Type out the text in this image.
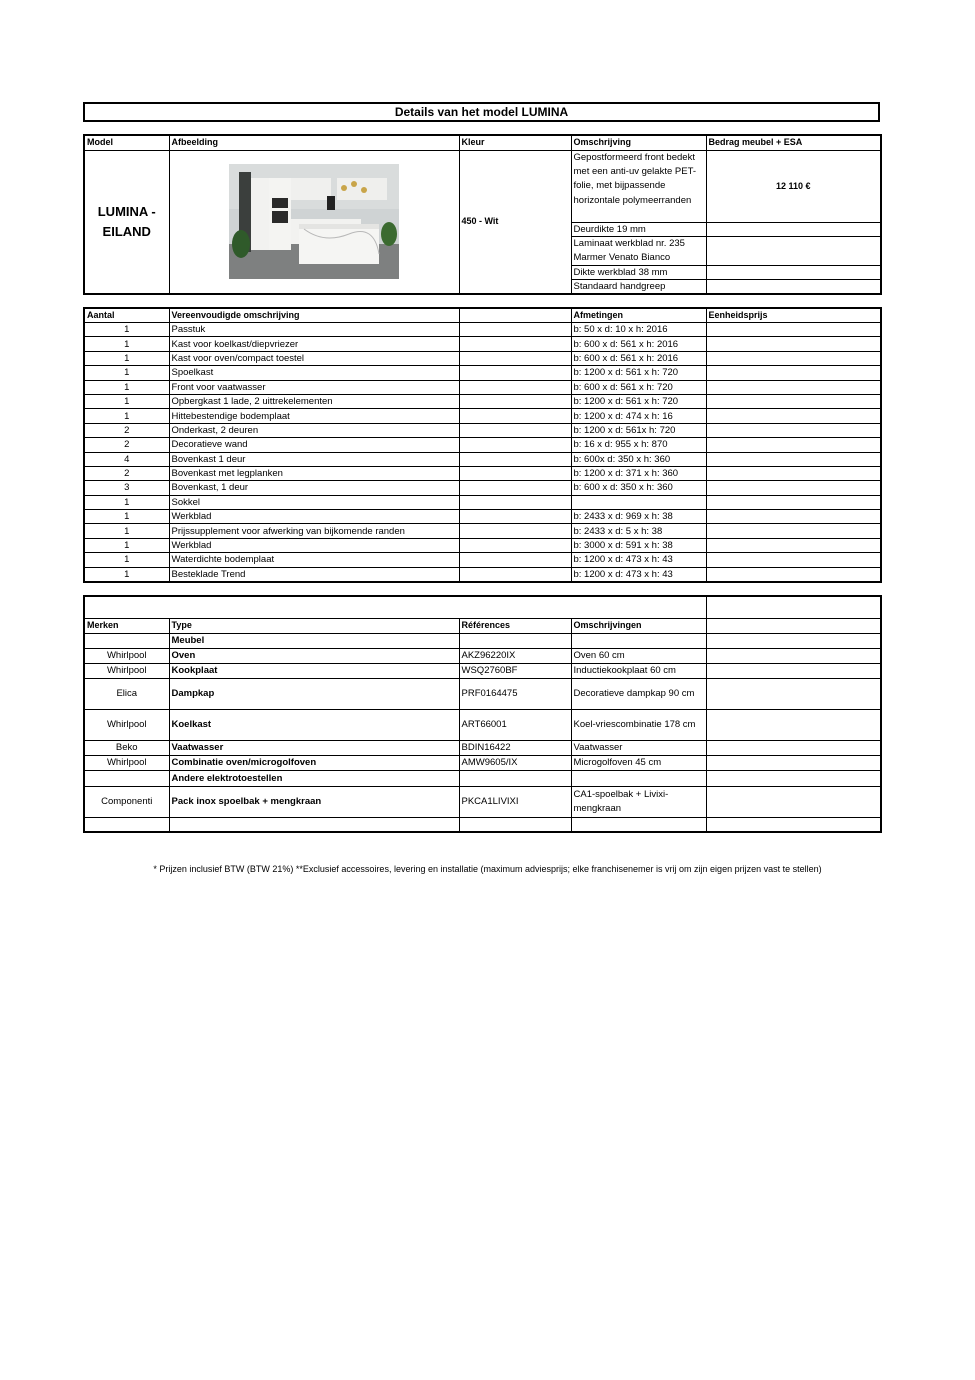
Details van het model LUMINA
Model	Afbeelding	Kleur	Omschrijving	Bedrag meubel + ESA

LUMINA -
EILAND		450 - Wit	Gepostformeerd front bedekt met een anti-uv gelakte PET-folie, met bijpassende horizontale polymeerranden	12 110 €
			Deurdikte 19 mm	
			Laminaat werkblad nr. 235 Marmer Venato Bianco	
			Dikte werkblad 38 mm	
			Standaard handgreep	
Aantal	Vereenvoudigde omschrijving		Afmetingen	Eenheidsprijs
1	Passtuk		b: 50 x d: 10 x h: 2016	
1	Kast voor koelkast/diepvriezer		b: 600 x d: 561 x h: 2016	
1	Kast voor oven/compact toestel		b: 600 x d: 561 x h: 2016	
1	Spoelkast		b: 1200 x d: 561 x h: 720	
1	Front voor vaatwasser		b: 600 x d: 561 x h: 720	
1	Opbergkast 1 lade, 2 uittrekelementen		b: 1200 x d: 561 x h: 720	
1	Hittebestendige bodemplaat		b: 1200 x d: 474 x h: 16	
2	Onderkast, 2 deuren		b: 1200 x d: 561x h: 720	
2	Decoratieve wand		b: 16 x d: 955 x h: 870	
4	Bovenkast 1 deur		b: 600x d: 350 x h: 360	
2	Bovenkast met legplanken		b: 1200 x d: 371 x h: 360	
3	Bovenkast, 1 deur		b: 600 x d: 350 x h: 360	
1	Sokkel			
1	Werkblad		b: 2433 x d: 969 x h: 38	
1	Prijssupplement voor afwerking van bijkomende randen		b: 2433 x d: 5 x h: 38	
1	Werkblad		b: 3000 x d: 591 x h: 38	
1	Waterdichte bodemplaat		b: 1200 x d: 473 x h: 43	
1	Besteklade Trend		b: 1200 x d: 473 x h: 43	

Merken	Type	Références	Omschrijvingen	
	Meubel			
Whirlpool	Oven	AKZ96220IX	Oven 60 cm	
Whirlpool	Kookplaat	WSQ2760BF	Inductiekookplaat 60 cm	
Elica	Dampkap	PRF0164475	Decoratieve dampkap 90 cm	
Whirlpool	Koelkast	ART66001	Koel-vriescombinatie 178 cm	
Beko	Vaatwasser	BDIN16422	Vaatwasser	
Whirlpool	Combinatie oven/microgolfoven	AMW9605/IX	Microgolfoven 45 cm	
	Andere elektrotoestellen			
Componenti	Pack inox spoelbak + mengkraan	PKCA1LIVIXI	CA1-spoelbak + Livixi-mengkraan	

* Prijzen inclusief BTW (BTW 21%) **Exclusief accessoires, levering en installatie (maximum adviesprijs; elke franchisenemer is vrij om zijn eigen prijzen vast te stellen)
